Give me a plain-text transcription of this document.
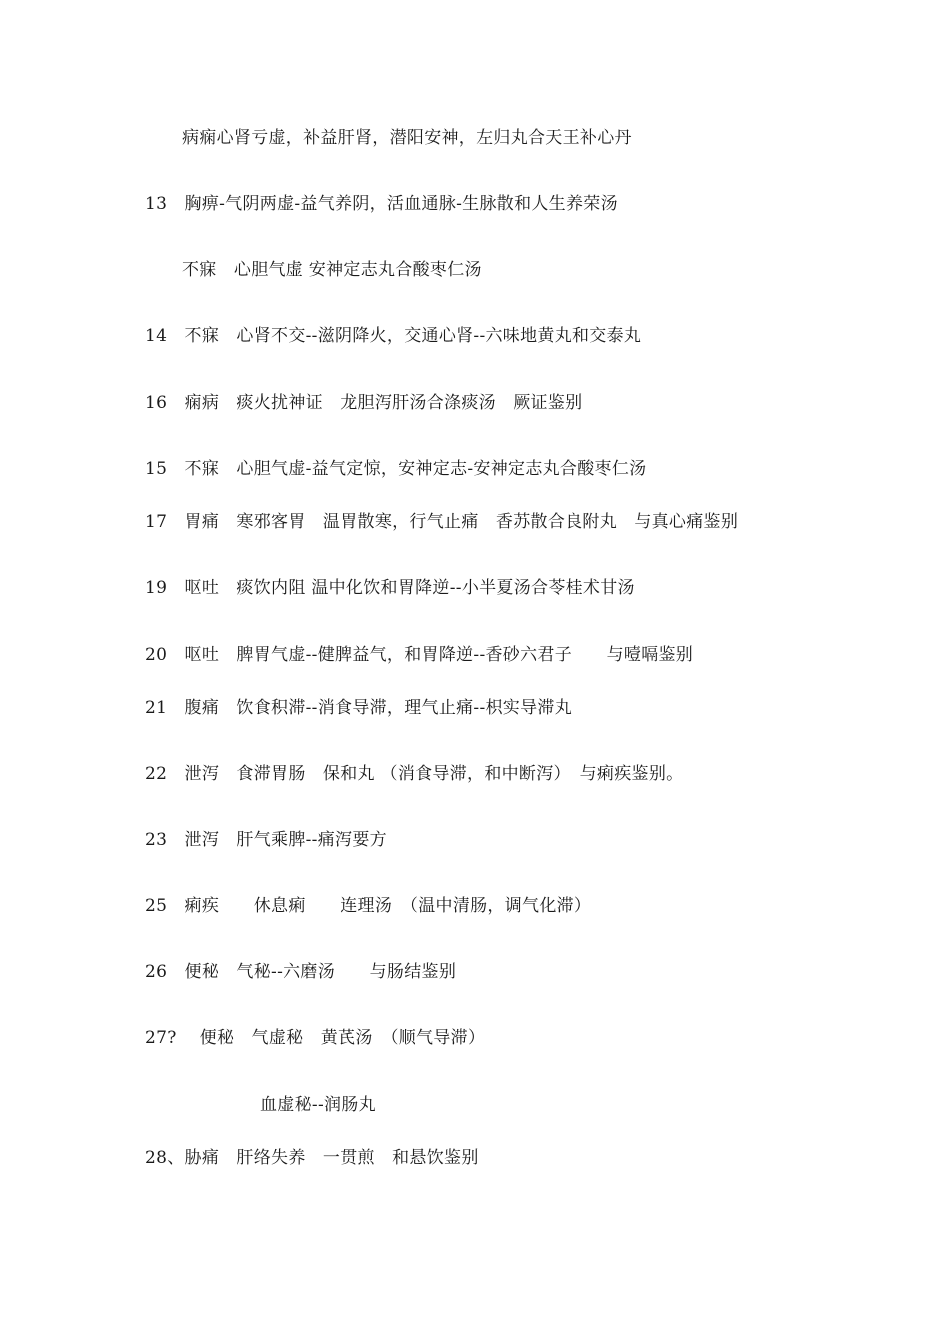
病痫心肾亏虚，补益肝肾，潜阳安神，左归丸合天王补心丹
13　胸痹-气阴两虚-益气养阴，活血通脉-生脉散和人生养荣汤
不寐　心胆气虚 安神定志丸合酸枣仁汤
14　不寐　心肾不交--滋阴降火，交通心肾--六味地黄丸和交泰丸
16　痫病　痰火扰神证　龙胆泻肝汤合涤痰汤　厥证鉴别
15　不寐　心胆气虚-益气定惊，安神定志-安神定志丸合酸枣仁汤
17　胃痛　寒邪客胃　温胃散寒，行气止痛　香苏散合良附丸　与真心痛鉴别
19　呕吐　痰饮内阻 温中化饮和胃降逆--小半夏汤合苓桂术甘汤
20　呕吐　脾胃气虚--健脾益气，和胃降逆--香砂六君子　　与噎嗝鉴别
21　腹痛　饮食积滞--消食导滞，理气止痛--枳实导滞丸
22　泄泻　食滞胃肠　保和丸 （消食导滞，和中断泻）　与痢疾鉴别。
23　泄泻　肝气乘脾--痛泻要方
25　痢疾　　休息痢　　连理汤　（温中清肠，调气化滞）
26　便秘　气秘--六磨汤　　与肠结鉴别
27?　 便秘　气虚秘　黄芪汤　（顺气导滞）
血虚秘--润肠丸
28、胁痛　肝络失养　一贯煎　和悬饮鉴别
